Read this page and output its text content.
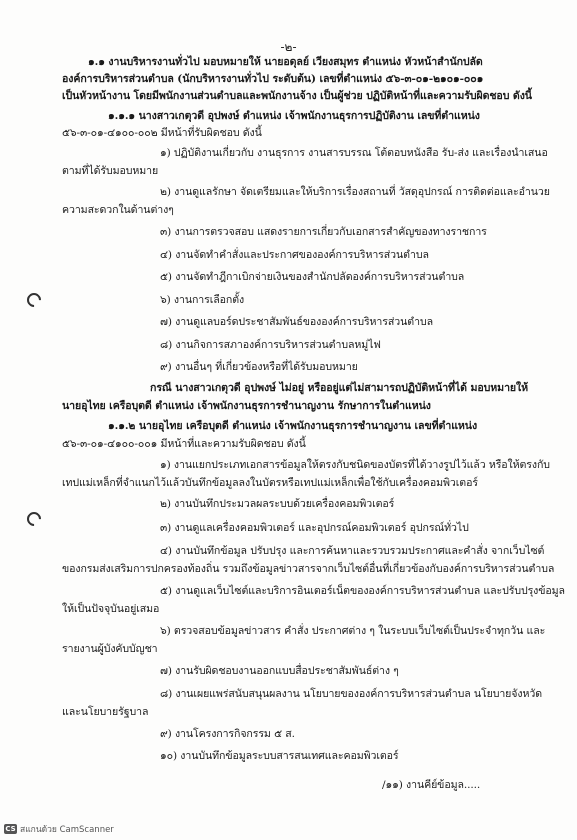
-๒-
๑.๑ งานบริหารงานทั่วไป มอบหมายให้ นายอดุลย์ เวียงสมุทร ตำแหน่ง หัวหน้าสำนักปลัด
องค์การบริหารส่วนตำบล (นักบริหารงานทั่วไป ระดับต้น) เลขที่ตำแหน่ง ๕๖-๓-๐๑-๒๑๐๑-๐๐๑
เป็นหัวหน้างาน โดยมีพนักงานส่วนตำบลและพนักงานจ้าง เป็นผู้ช่วย ปฏิบัติหน้าที่และความรับผิดชอบ ดังนี้
๑.๑.๑ นางสาวเกตุวดี อุปพงษ์ ตำแหน่ง เจ้าพนักงานธุรการปฏิบัติงาน เลขที่ตำแหน่ง
๕๖-๓-๐๑-๔๑๐๐-๐๐๒ มีหน้าที่รับผิดชอบ ดังนี้
๑) ปฏิบัติงานเกี่ยวกับ งานธุรการ งานสารบรรณ โต้ตอบหนังสือ รับ-ส่ง และเรื่องนำเสนอ
ตามที่ได้รับมอบหมาย
๒) งานดูแลรักษา จัดเตรียมและให้บริการเรื่องสถานที่ วัสดุอุปกรณ์ การติดต่อและอำนวย
ความสะดวกในด้านต่างๆ
๓) งานการตรวจสอบ แสดงรายการเกี่ยวกับเอกสารสำคัญของทางราชการ
๔) งานจัดทำคำสั่งและประกาศขององค์การบริหารส่วนตำบล
๕) งานจัดทำฎีกาเบิกจ่ายเงินของสำนักปลัดองค์การบริหารส่วนตำบล
๖) งานการเลือกตั้ง
๗) งานดูแลบอร์ดประชาสัมพันธ์ขององค์การบริหารส่วนตำบล
๘) งานกิจการสภาองค์การบริหารส่วนตำบลหมู่ไฟ
๙) งานอื่นๆ ที่เกี่ยวข้องหรือที่ได้รับมอบหมาย
กรณี นางสาวเกตุวดี อุปพงษ์ ไม่อยู่ หรืออยู่แต่ไม่สามารถปฏิบัติหน้าที่ได้ มอบหมายให้
นายอุไทย เครือบุตดี ตำแหน่ง เจ้าพนักงานธุรการชำนาญงาน รักษาการในตำแหน่ง
๑.๑.๒ นายอุไทย เครือบุตดี ตำแหน่ง เจ้าพนักงานธุรการชำนาญงาน เลขที่ตำแหน่ง
๕๖-๓-๐๑-๔๑๐๐-๐๐๑ มีหน้าที่และความรับผิดชอบ ดังนี้
๑) งานแยกประเภทเอกสารข้อมูลให้ตรงกับชนิดของบัตรที่ได้วางรูปไว้แล้ว หรือให้ตรงกับ
เทปแม่เหล็กที่จำแนกไว้แล้วบันทึกข้อมูลลงในบัตรหรือเทปแม่เหล็กเพื่อใช้กับเครื่องคอมพิวเตอร์
๒) งานบันทึกประมวลผลระบบด้วยเครื่องคอมพิวเตอร์
๓) งานดูแลเครื่องคอมพิวเตอร์ และอุปกรณ์คอมพิวเตอร์ อุปกรณ์ทั่วไป
๔) งานบันทึกข้อมูล ปรับปรุง และการค้นหาและรวบรวมประกาศและคำสั่ง จากเว็บไซต์
ของกรมส่งเสริมการปกครองท้องถิ่น รวมถึงข้อมูลข่าวสารจากเว็บไซต์อื่นที่เกี่ยวข้องกับองค์การบริหารส่วนตำบล
๕) งานดูแลเว็บไซต์และบริการอินเตอร์เน็ตขององค์การบริหารส่วนตำบล และปรับปรุงข้อมูล
ให้เป็นปัจจุบันอยู่เสมอ
๖) ตรวจสอบข้อมูลข่าวสาร คำสั่ง ประกาศต่าง ๆ ในระบบเว็บไซต์เป็นประจำทุกวัน และ
รายงานผู้บังคับบัญชา
๗) งานรับผิดชอบงานออกแบบสื่อประชาสัมพันธ์ต่าง ๆ
๘) งานเผยแพร่สนับสนุนผลงาน นโยบายขององค์การบริหารส่วนตำบล นโยบายจังหวัด
และนโยบายรัฐบาล
๙) งานโครงการกิจกรรม ๕ ส.
๑๐) งานบันทึกข้อมูลระบบสารสนเทศและคอมพิวเตอร์
/๑๑) งานคีย์ข้อมูล.....
CS สแกนด้วย CamScanner
